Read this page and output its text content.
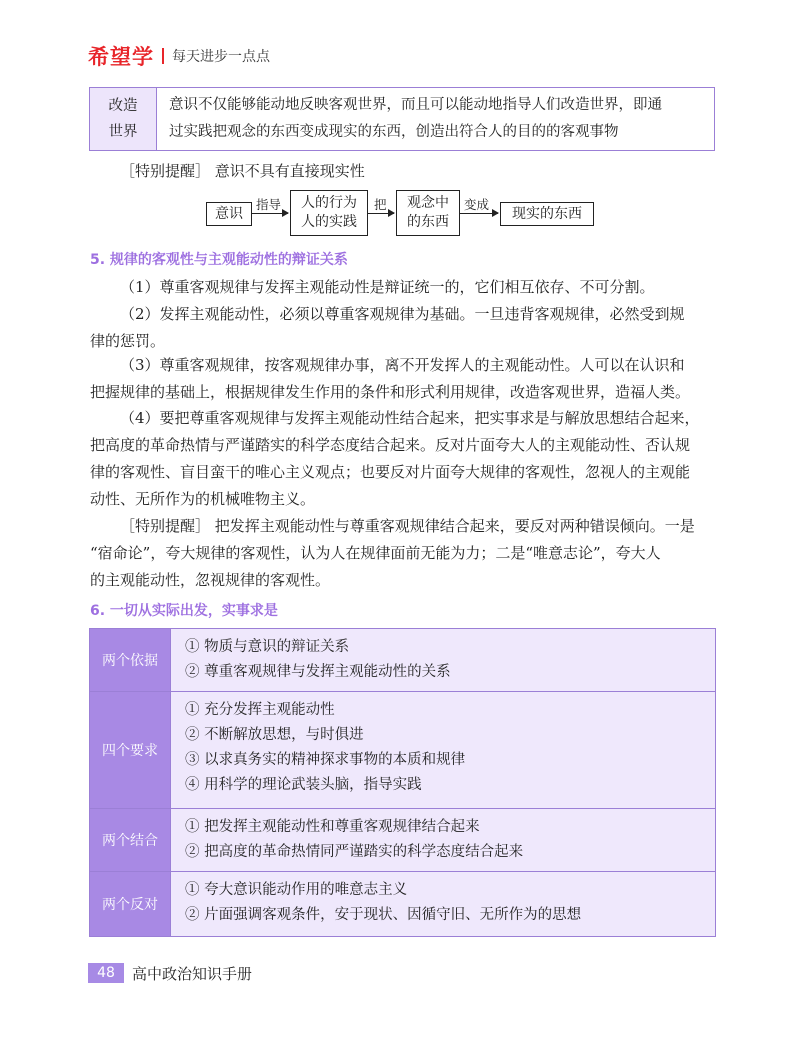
希望学 每天进步一点点
改造
世界
意识不仅能够能动地反映客观世界，而且可以能动地指导人们改造世界，即通
过实践把观念的东西变成现实的东西，创造出符合人的目的的客观事物
［特别提醒］ 意识不具有直接现实性
意识
指导	人的行为
人的实践
把	观念中
的东西
变成
现实的东西
5. 规律的客观性与主观能动性的辩证关系
（1）尊重客观规律与发挥主观能动性是辩证统一的，它们相互依存、不可分割。
（2）发挥主观能动性，必须以尊重客观规律为基础。一旦违背客观规律，必然受到规
律的惩罚。
（3）尊重客观规律，按客观规律办事，离不开发挥人的主观能动性。人可以在认识和
把握规律的基础上，根据规律发生作用的条件和形式利用规律，改造客观世界，造福人类。
（4）要把尊重客观规律与发挥主观能动性结合起来，把实事求是与解放思想结合起来，
把高度的革命热情与严谨踏实的科学态度结合起来。反对片面夸大人的主观能动性、否认规
律的客观性、盲目蛮干的唯心主义观点；也要反对片面夸大规律的客观性，忽视人的主观能
动性、无所作为的机械唯物主义。
［特别提醒］ 把发挥主观能动性与尊重客观规律结合起来，要反对两种错误倾向。一是
“宿命论”，夸大规律的客观性，认为人在规律面前无能为力；二是“唯意志论”，夸大人
的主观能动性，忽视规律的客观性。
6. 一切从实际出发，实事求是
两个依据
① 物质与意识的辩证关系
② 尊重客观规律与发挥主观能动性的关系
四个要求
① 充分发挥主观能动性
② 不断解放思想，与时俱进
③ 以求真务实的精神探求事物的本质和规律
④ 用科学的理论武装头脑，指导实践
两个结合
① 把发挥主观能动性和尊重客观规律结合起来
② 把高度的革命热情同严谨踏实的科学态度结合起来
两个反对
① 夸大意识能动作用的唯意志主义
② 片面强调客观条件，安于现状、因循守旧、无所作为的思想
48	高中政治知识手册
